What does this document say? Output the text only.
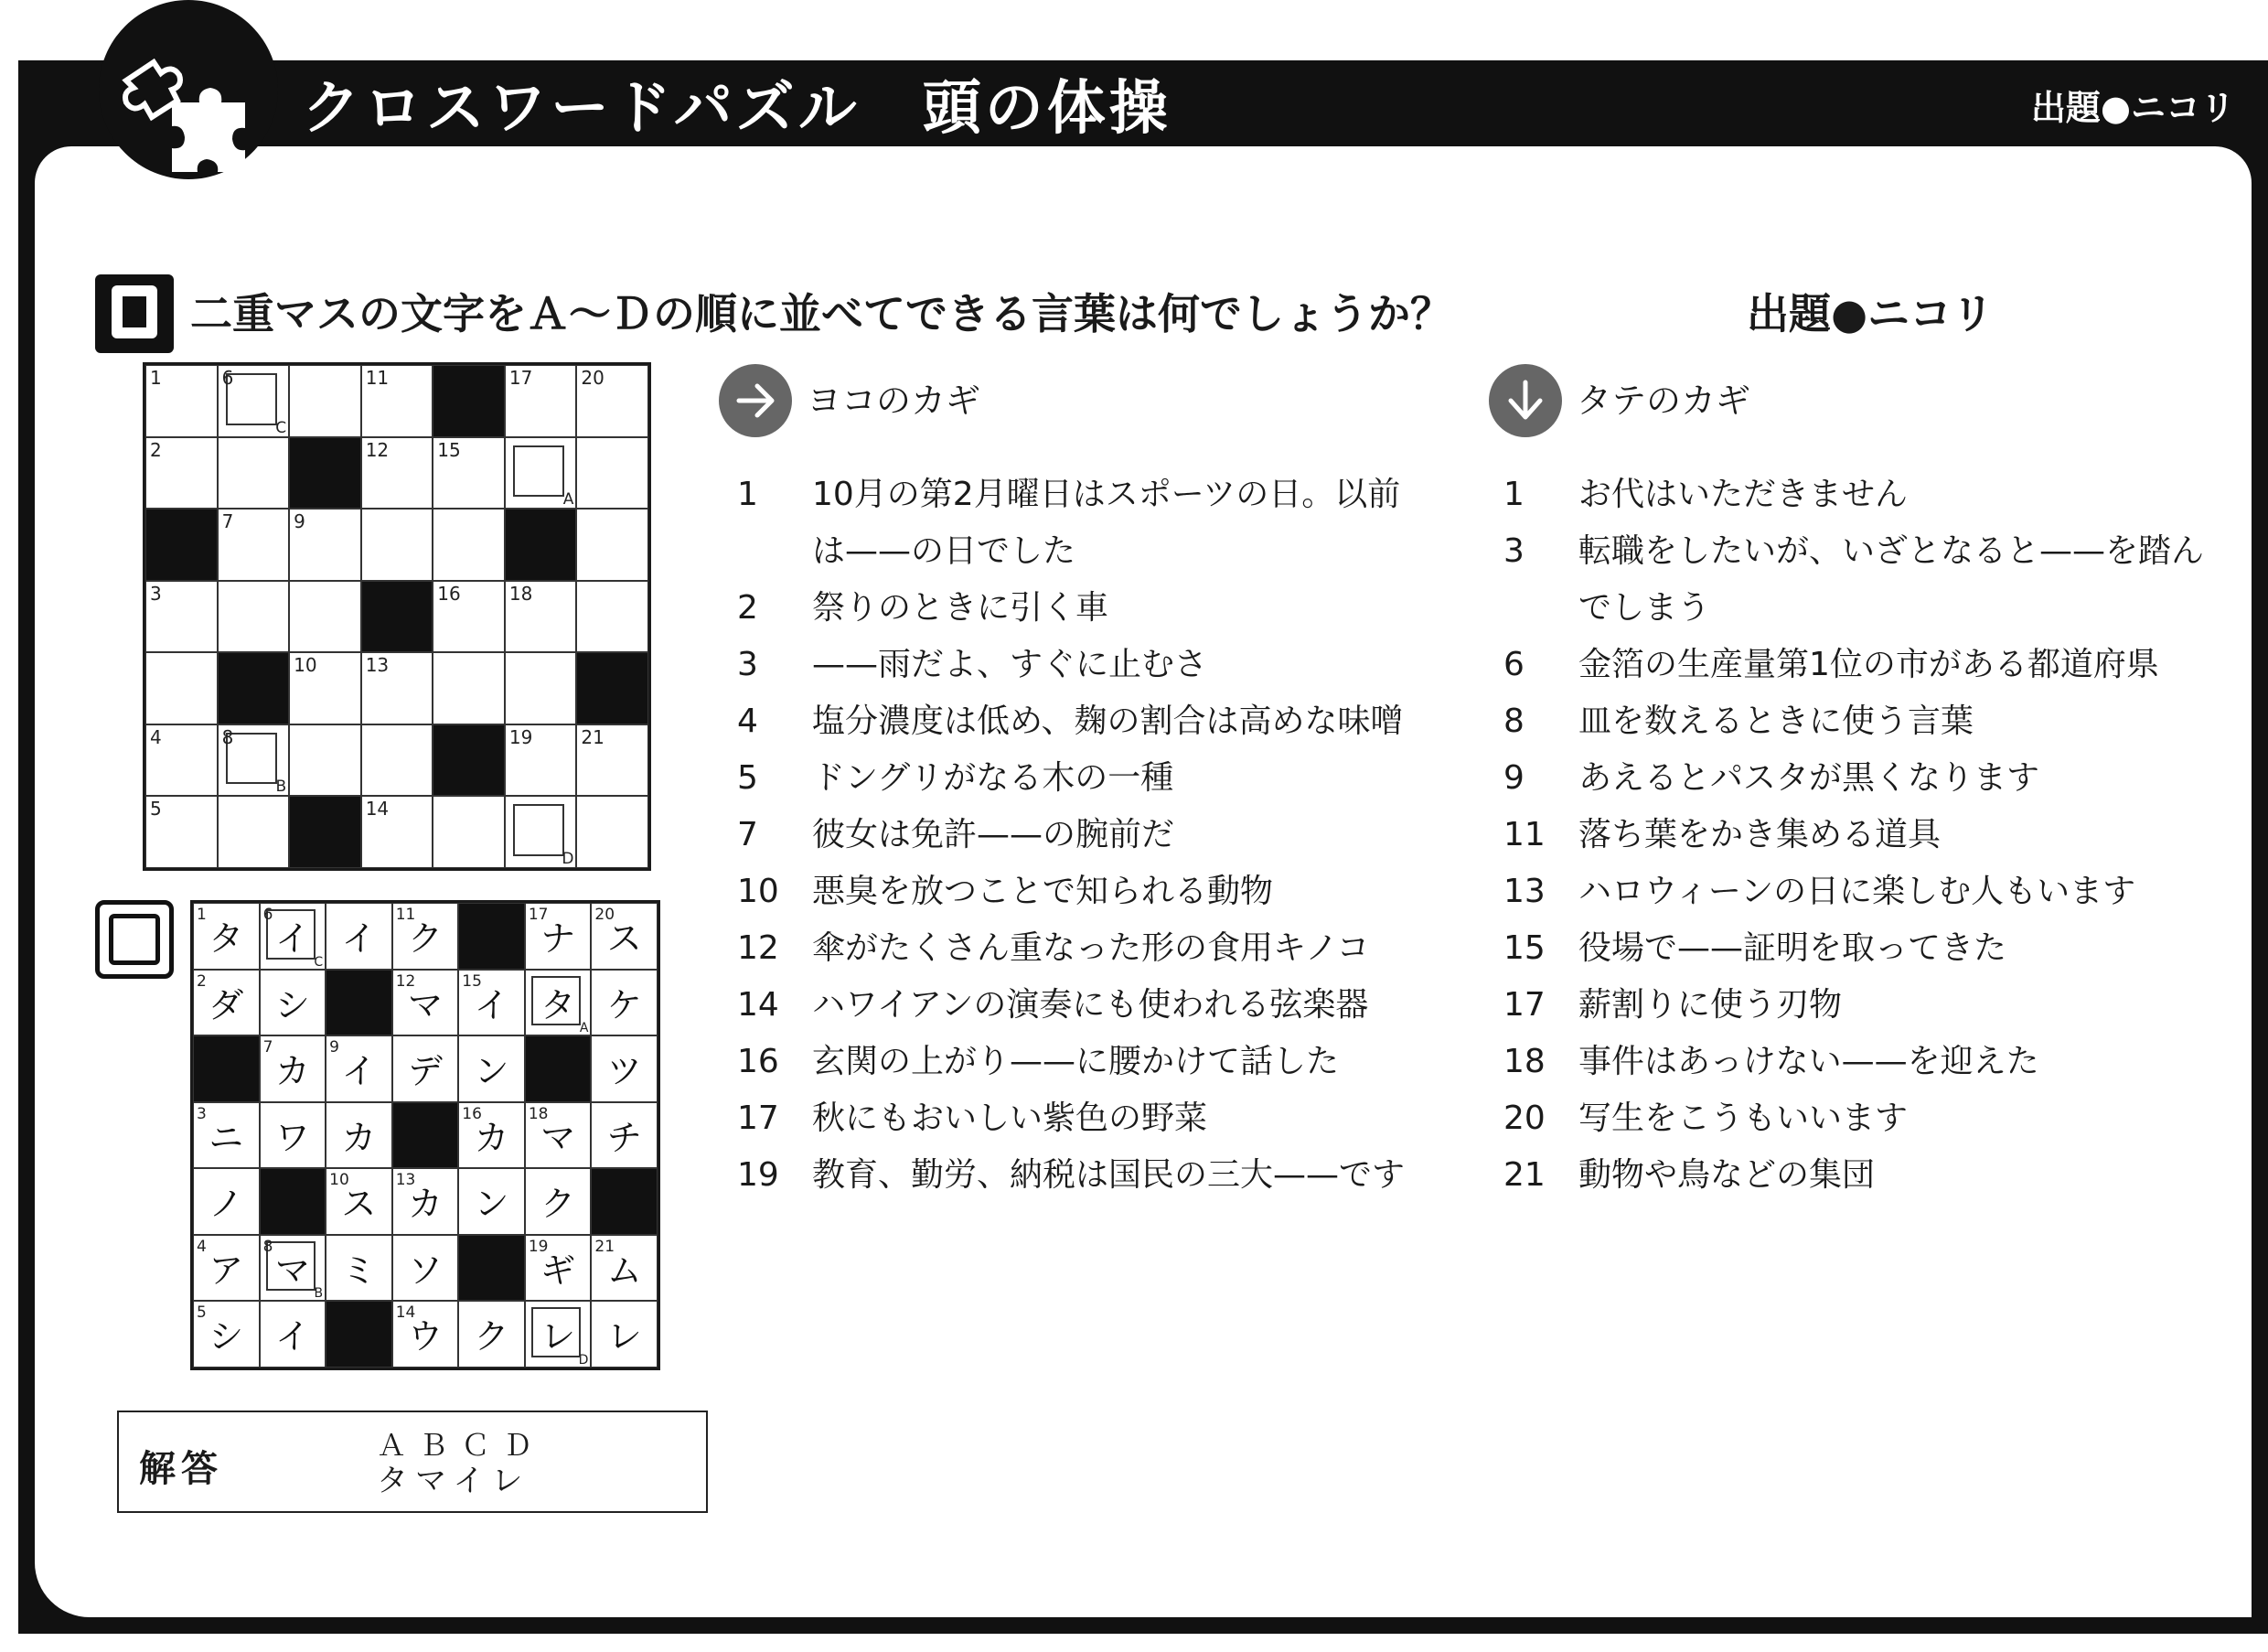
クロスワードパズル　頭の体操	出題●ニコリ
二重マスの文字をＡ～Ｄの順に並べてできる言葉は何でしょうか？	出題●ニコリ
1
C
6	11	17	20
2	12	15
A
7	9
3	16	18
10	13
4
B
8	19	21
5	14
D
1
タ
C
6
イ イ
11
ク
17
ナ
20
ス
2
ダ シ
12
マ
15
イ
A
タ ケ
7
カ
9
イ デ ン	ツ
3
ニ ワ カ
16
カ
18
マ チ
ノ
10
ス
13
カ ン ク
4
ア
B
8
マ ミ ソ
19
ギ
21
ム
5
シ イ
14
ウ ク
D
レ レ
解答
ＡＢＣＤ
タマイレ
ヨコのカギ
1	10月の第2月曜日はスポーツの日。以前は——の日でした
2	祭りのときに引く車
3	——雨だよ、すぐに止むさ
4	塩分濃度は低め、麹の割合は高めな味噌
5	ドングリがなる木の一種
7	彼女は免許——の腕前だ
10	悪臭を放つことで知られる動物
12	傘がたくさん重なった形の食用キノコ
14	ハワイアンの演奏にも使われる弦楽器
16	玄関の上がり——に腰かけて話した
17	秋にもおいしい紫色の野菜
19	教育、勤労、納税は国民の三大——です
タテのカギ
1	お代はいただきません
3	転職をしたいが、いざとなると——を踏んでしまう
6	金箔の生産量第1位の市がある都道府県
8	皿を数えるときに使う言葉
9	あえるとパスタが黒くなります
11	落ち葉をかき集める道具
13	ハロウィーンの日に楽しむ人もいます
15	役場で——証明を取ってきた
17	薪割りに使う刃物
18	事件はあっけない——を迎えた
20	写生をこうもいいます
21	動物や鳥などの集団
